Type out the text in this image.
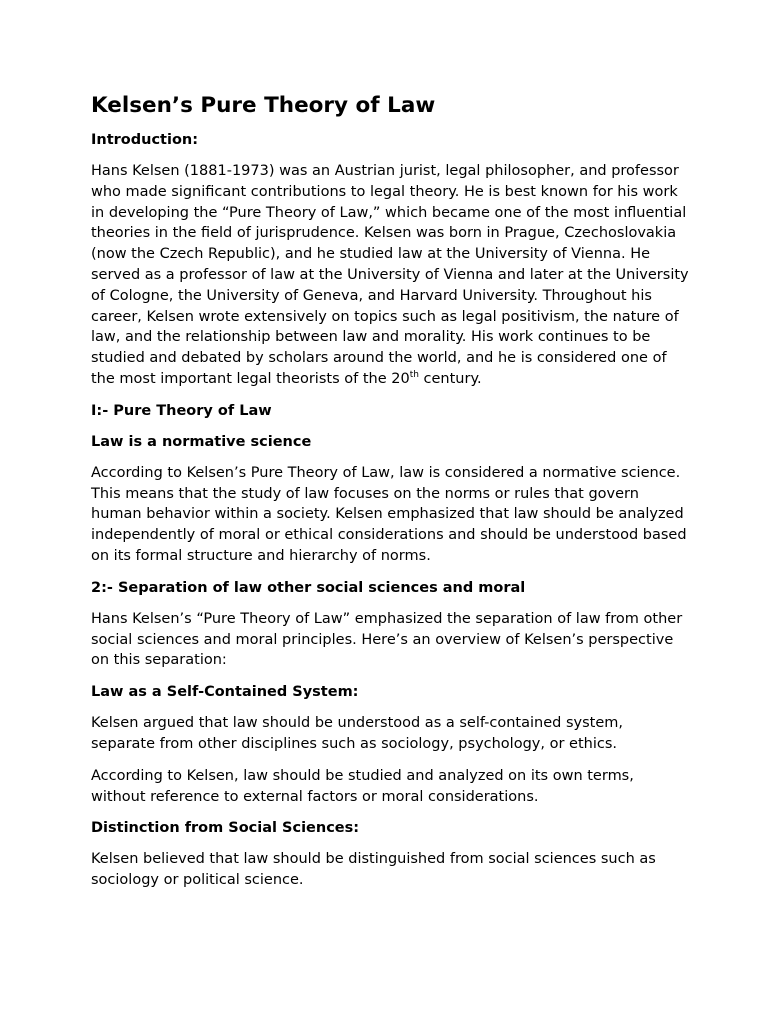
Kelsen’s Pure Theory of Law

Introduction:

Hans Kelsen (1881-1973) was an Austrian jurist, legal philosopher, and professor who made significant contributions to legal theory. He is best known for his work in developing the “Pure Theory of Law,” which became one of the most influential theories in the field of jurisprudence. Kelsen was born in Prague, Czechoslovakia (now the Czech Republic), and he studied law at the University of Vienna. He served as a professor of law at the University of Vienna and later at the University of Cologne, the University of Geneva, and Harvard University. Throughout his career, Kelsen wrote extensively on topics such as legal positivism, the nature of law, and the relationship between law and morality. His work continues to be studied and debated by scholars around the world, and he is considered one of the most important legal theorists of the 20th century.

I:- Pure Theory of Law

Law is a normative science

According to Kelsen’s Pure Theory of Law, law is considered a normative science. This means that the study of law focuses on the norms or rules that govern human behavior within a society. Kelsen emphasized that law should be analyzed independently of moral or ethical considerations and should be understood based on its formal structure and hierarchy of norms.

2:- Separation of law other social sciences and moral

Hans Kelsen’s “Pure Theory of Law” emphasized the separation of law from other social sciences and moral principles. Here’s an overview of Kelsen’s perspective on this separation:

Law as a Self-Contained System:

Kelsen argued that law should be understood as a self-contained system, separate from other disciplines such as sociology, psychology, or ethics.

According to Kelsen, law should be studied and analyzed on its own terms, without reference to external factors or moral considerations.

Distinction from Social Sciences:

Kelsen believed that law should be distinguished from social sciences such as sociology or political science.
